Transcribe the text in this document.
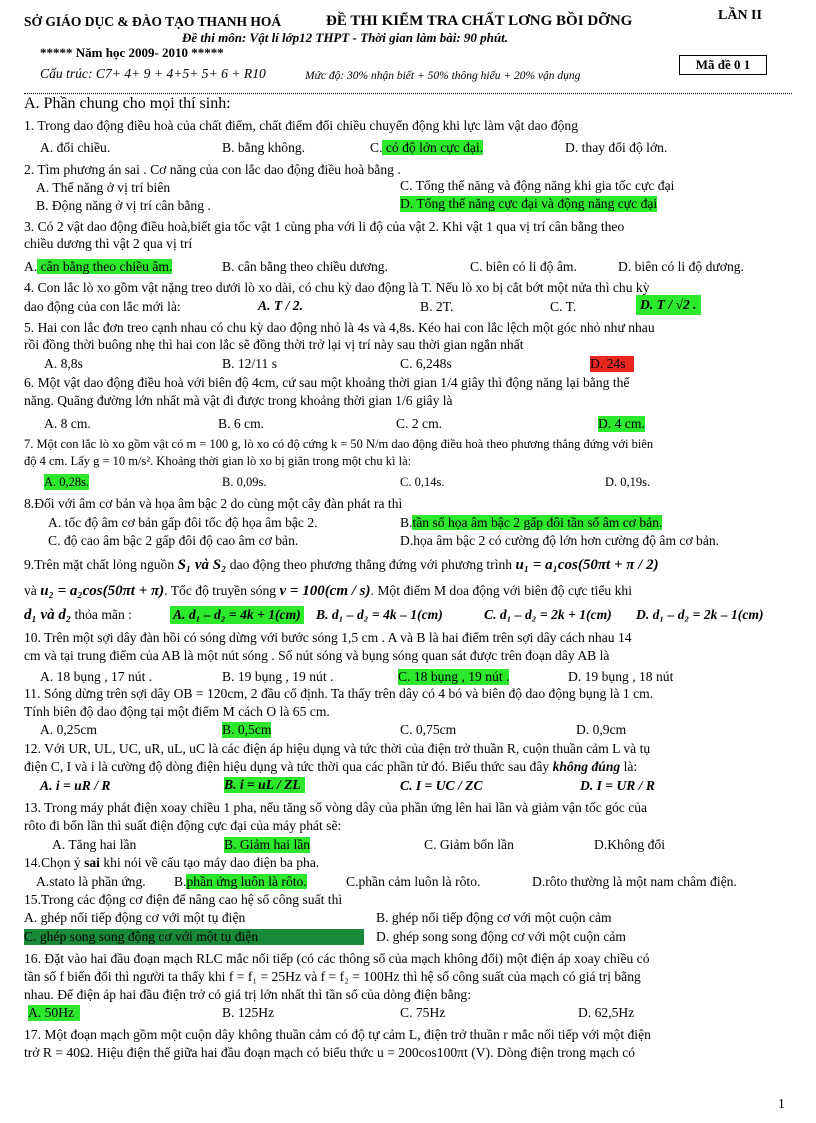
SỞ GIÁO DỤC & ĐÀO TẠO THANH HOÁ	ĐỀ THI KIỂM TRA CHẤT LƠNG BỒI DỠNG	LẦN II
Đề thi môn: Vật lí lớp12 THPT - Thời gian làm bài: 90 phút.
***** Năm học 2009- 2010 *****
Cấu trúc: C7+ 4+ 9 + 4+5+ 5+ 6 + R10	Mức độ: 30% nhận biết + 50% thông hiểu + 20% vận dụng
Mã đề 0 1
A. Phần chung cho mọi thí sinh:
1. Trong dao động điều hoà của chất điểm, chất điểm đổi chiều chuyển động khi lực làm vật dao động
A. đổi chiều.	B. bằng không.	C. có độ lớn cực đại.	D. thay đổi độ lớn.
2. Tìm phương án sai . Cơ năng của con lắc dao động điều hoà bằng .
A. Thế năng ở vị trí biên	C. Tổng thế năng và động năng khi gia tốc cực đại
B. Động năng ở vị trí cân bằng .	D. Tổng thế năng cực đại và động năng cực đại
3. Có 2 vật dao động điều hoà,biết gia tốc vật 1 cùng pha với li độ của vật 2. Khi vật 1 qua vị trí cân bằng theo
chiều dương thì vật 2 qua vị trí
A. cân bằng theo chiều âm.	B. cân bằng theo chiều dương.	C. biên có li độ âm.	D. biên có li độ dương.
4. Con lắc lò xo gồm vật nặng treo dưới lò xo dài, có chu kỳ dao động là T. Nếu lò xo bị cắt bớt một nửa thì chu kỳ
dao động của con lắc mới là:	A. T / 2.	B. 2T.	C. T.	D. T / √2 .
5. Hai con lắc đơn treo cạnh nhau có chu kỳ dao động nhỏ là 4s và 4,8s. Kéo hai con lắc lệch một góc nhỏ như nhau
rồi đồng thời buông nhẹ thì hai con lắc sẽ đồng thời trở lại vị trí này sau thời gian ngắn nhất
A. 8,8s	B. 12/11 s	C. 6,248s	D. 24s
6. Một vật dao động điều hoà với biên độ 4cm, cứ sau một khoảng thời gian 1/4 giây thì động năng lại bằng thế
năng. Quãng đường lớn nhất mà vật đi được trong khoảng thời gian 1/6 giây là
A. 8 cm.	B. 6 cm.	C. 2 cm.	D. 4 cm.
7. Một con lắc lò xo gồm vật có m = 100 g, lò xo có độ cứng k = 50 N/m dao động điều hoà theo phương thẳng đứng với biên
độ 4 cm. Lấy g = 10 m/s². Khoảng thời gian lò xo bị giãn trong một chu kì là:
A. 0,28s.	B. 0,09s.	C. 0,14s.	D. 0,19s.
8.Đối với âm cơ bản và họa âm bậc 2 do cùng một cây đàn phát ra thì
A. tốc độ âm cơ bản gấp đôi tốc độ họa âm bậc 2.	B.tần số họa âm bậc 2 gấp đôi tần số âm cơ bản.
C. độ cao âm bậc 2 gấp đôi độ cao âm cơ bản.	D.họa âm bậc 2 có cường độ lớn hơn cường độ âm cơ bản.
9.Trên mặt chất lỏng nguồn S₁ và S₂ dao động theo phương thẳng đứng với phương trình u₁ = a₁cos(50πt + π / 2)
và u₂ = a₂cos(50πt + π). Tốc độ truyền sóng v = 100(cm / s). Một điểm M doa động với biên độ cực tiểu khi
d₁ và d₂ thỏa mãn :	A. d₁ – d₂ = 4k + 1(cm) B. d₁ – d₂ = 4k – 1(cm)	C. d₁ – d₂ = 2k + 1(cm) D. d₁ – d₂ = 2k – 1(cm)
10. Trên một sợi dây đàn hồi có sóng dừng với bước sóng 1,5 cm . A và B là hai điểm trên sợi dây cách nhau 14
cm và tại trung điểm của AB là một nút sóng . Số nút sóng và bụng sóng quan sát được trên đoạn dây AB là
A. 18 bụng , 17 nút .	B. 19 bụng , 19 nút .	C. 18 bụng , 19 nút .	D. 19 bụng , 18 nút
11. Sóng dừng trên sợi dây OB = 120cm, 2 đầu cố định. Ta thấy trên dây có 4 bó và biên độ dao động bụng là 1 cm.
Tính biên độ dao động tại một điểm M cách O là 65 cm.
A. 0,25cm	B. 0,5cm	C. 0,75cm	D. 0,9cm
12. Với UR, UL, UC, uR, uL, uC là các điện áp hiệu dụng và tức thời của điện trở thuần R, cuộn thuần cảm L và tụ
điện C, I và i là cường độ dòng điện hiệu dụng và tức thời qua các phần tử đó. Biểu thức sau đây không đúng là:
A. i = uR / R	B. i = uL / ZL	C. I = UC / ZC	D. I = UR / R
13. Trong máy phát điện xoay chiều 1 pha, nếu tăng số vòng dây của phần ứng lên hai lần và giảm vận tốc góc của
rôto đi bốn lần thì suất điện động cực đại của máy phát sẽ:
A. Tăng hai lần	B. Giảm hai lần	C. Giảm bốn lần	D.Không đổi
14.Chọn ý sai khi nói về cấu tạo máy dao điện ba pha.
A.stato là phần ứng. B.phần ứng luôn là rôto.	C.phần cảm luôn là rôto.	D.rôto thường là một nam châm điện.
15.Trong các động cơ điện để nâng cao hệ số công suất thì
A. ghép nối tiếp động cơ với một tụ điện	B. ghép nối tiếp động cơ với một cuộn cảm
C. ghép song song động cơ với một tụ điện	D. ghép song song động cơ với một cuộn cảm
16. Đặt vào hai đầu đoạn mạch RLC mắc nối tiếp (có các thông số của mạch không đổi) một điện áp xoay chiều có
tần số f biến đổi thì người ta thấy khi f = f₁ = 25Hz và f = f₂ = 100Hz thì hệ số công suất của mạch có giá trị bằng
nhau. Để điện áp hai đầu điện trở có giá trị lớn nhất thì tần số của dòng điện bằng:
A. 50Hz	B. 125Hz	C. 75Hz	D. 62,5Hz
17. Một đoạn mạch gồm một cuộn dây không thuần cảm có độ tự cảm L, điện trở thuần r mắc nối tiếp với một điện
trở R = 40Ω. Hiệu điện thế giữa hai đầu đoạn mạch có biểu thức u = 200cos100πt (V). Dòng điện trong mạch có
1
